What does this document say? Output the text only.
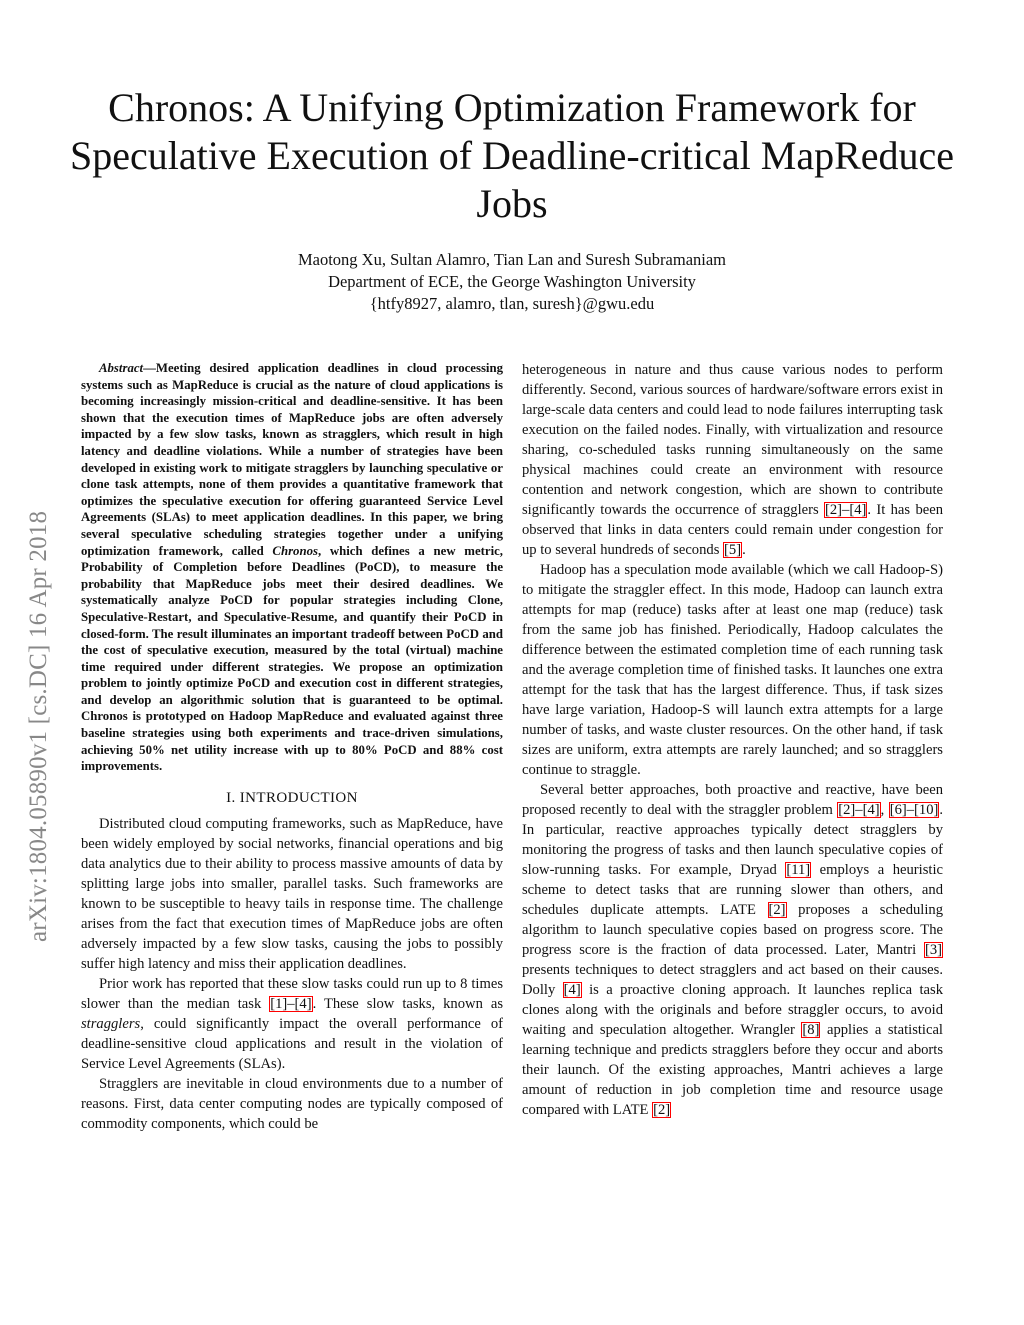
Chronos: A Unifying Optimization Framework for Speculative Execution of Deadline-critical MapReduce Jobs
Maotong Xu, Sultan Alamro, Tian Lan and Suresh Subramaniam
Department of ECE, the George Washington University
{htfy8927, alamro, tlan, suresh}@gwu.edu
arXiv:1804.05890v1 [cs.DC] 16 Apr 2018

Abstract—Meeting desired application deadlines in cloud processing systems such as MapReduce is crucial as the nature of cloud applications is becoming increasingly mission-critical and deadline-sensitive. It has been shown that the execution times of MapReduce jobs are often adversely impacted by a few slow tasks, known as stragglers, which result in high latency and deadline violations. While a number of strategies have been developed in existing work to mitigate stragglers by launching speculative or clone task attempts, none of them provides a quantitative framework that optimizes the speculative execution for offering guaranteed Service Level Agreements (SLAs) to meet application deadlines. In this paper, we bring several speculative scheduling strategies together under a unifying optimization framework, called Chronos, which defines a new metric, Probability of Completion before Deadlines (PoCD), to measure the probability that MapReduce jobs meet their desired deadlines. We systematically analyze PoCD for popular strategies including Clone, Speculative-Restart, and Speculative-Resume, and quantify their PoCD in closed-form. The result illuminates an important tradeoff between PoCD and the cost of speculative execution, measured by the total (virtual) machine time required under different strategies. We propose an optimization problem to jointly optimize PoCD and execution cost in different strategies, and develop an algorithmic solution that is guaranteed to be optimal. Chronos is prototyped on Hadoop MapReduce and evaluated against three baseline strategies using both experiments and trace-driven simulations, achieving 50% net utility increase with up to 80% PoCD and 88% cost improvements.

I. INTRODUCTION

Distributed cloud computing frameworks, such as MapReduce, have been widely employed by social networks, financial operations and big data analytics due to their ability to process massive amounts of data by splitting large jobs into smaller, parallel tasks. Such frameworks are known to be susceptible to heavy tails in response time. The challenge arises from the fact that execution times of MapReduce jobs are often adversely impacted by a few slow tasks, causing the jobs to possibly suffer high latency and miss their application deadlines.

Prior work has reported that these slow tasks could run up to 8 times slower than the median task [1]–[4]. These slow tasks, known as stragglers, could significantly impact the overall performance of deadline-sensitive cloud applications and result in the violation of Service Level Agreements (SLAs).

Stragglers are inevitable in cloud environments due to a number of reasons. First, data center computing nodes are typically composed of commodity components, which could be

heterogeneous in nature and thus cause various nodes to perform differently. Second, various sources of hardware/software errors exist in large-scale data centers and could lead to node failures interrupting task execution on the failed nodes. Finally, with virtualization and resource sharing, co-scheduled tasks running simultaneously on the same physical machines could create an environment with resource contention and network congestion, which are shown to contribute significantly towards the occurrence of stragglers [2]–[4]. It has been observed that links in data centers could remain under congestion for up to several hundreds of seconds [5].

Hadoop has a speculation mode available (which we call Hadoop-S) to mitigate the straggler effect. In this mode, Hadoop can launch extra attempts for map (reduce) tasks after at least one map (reduce) task from the same job has finished. Periodically, Hadoop calculates the difference between the estimated completion time of each running task and the average completion time of finished tasks. It launches one extra attempt for the task that has the largest difference. Thus, if task sizes have large variation, Hadoop-S will launch extra attempts for a large number of tasks, and waste cluster resources. On the other hand, if task sizes are uniform, extra attempts are rarely launched; and so stragglers continue to straggle.

Several better approaches, both proactive and reactive, have been proposed recently to deal with the straggler problem [2]–[4], [6]–[10]. In particular, reactive approaches typically detect stragglers by monitoring the progress of tasks and then launch speculative copies of slow-running tasks. For example, Dryad [11] employs a heuristic scheme to detect tasks that are running slower than others, and schedules duplicate attempts. LATE [2] proposes a scheduling algorithm to launch speculative copies based on progress score. The progress score is the fraction of data processed. Later, Mantri [3] presents techniques to detect stragglers and act based on their causes. Dolly [4] is a proactive cloning approach. It launches replica task clones along with the originals and before straggler occurs, to avoid waiting and speculation altogether. Wrangler [8] applies a statistical learning technique and predicts stragglers before they occur and aborts their launch. Of the existing approaches, Mantri achieves a large amount of reduction in job completion time and resource usage compared with LATE [2]
